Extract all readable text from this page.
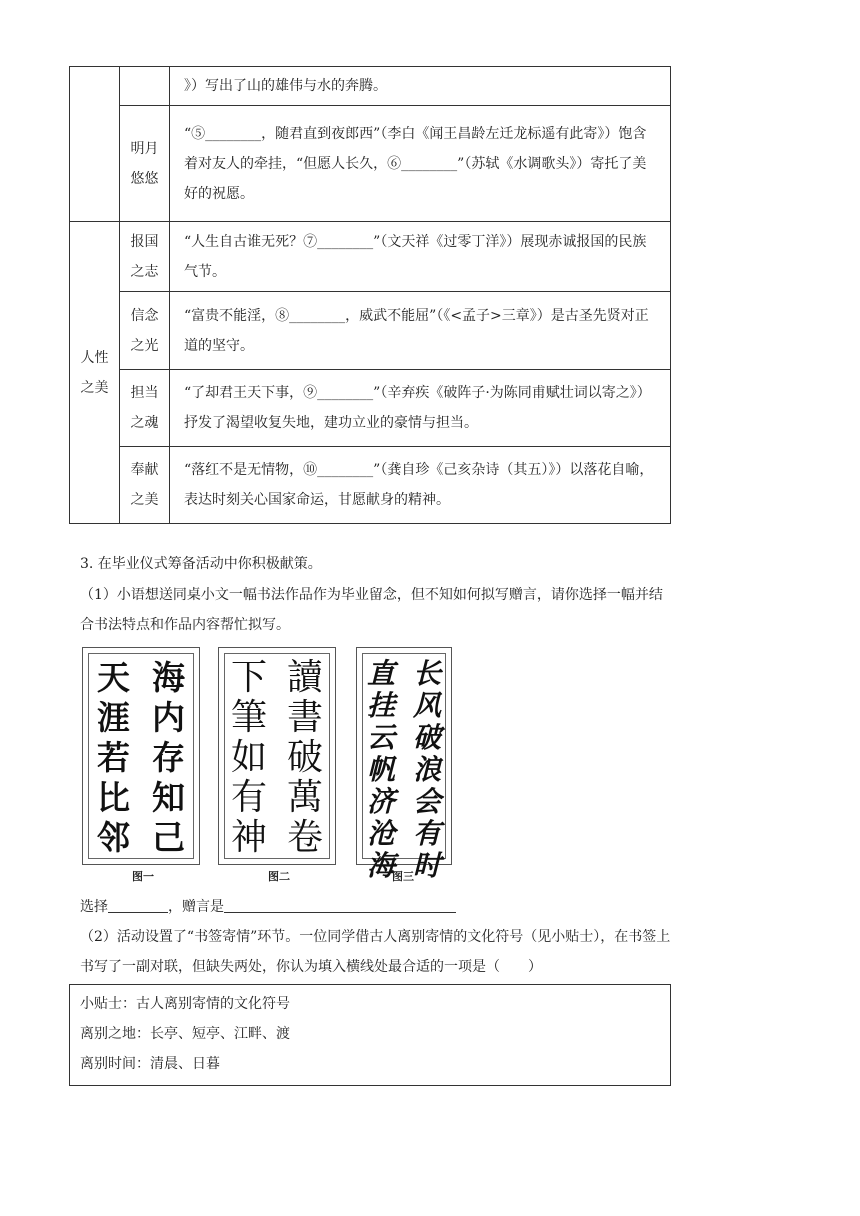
		》）写出了山的雄伟与水的奔腾。

	明月悠悠	“⑤________，随君直到夜郎西”（李白《闻王昌龄左迁龙标遥有此寄》）饱含着对友人的牵挂，“但愿人长久，⑥________”（苏轼《水调歌头》）寄托了美好的祝愿。

人性之美	报国之志	“人生自古谁无死？⑦________”（文天祥《过零丁洋》）展现赤诚报国的民族气节。

	信念之光	“富贵不能淫，⑧________，威武不能屈”（《<孟子>三章》）是古圣先贤对正道的坚守。

	担当之魂	“了却君王天下事，⑨________”（辛弃疾《破阵子·为陈同甫赋壮词以寄之》）抒发了渴望收复失地，建功立业的豪情与担当。

	奉献之美	“落红不是无情物，⑩________”（龚自珍《己亥杂诗（其五）》）以落花自喻，表达时刻关心国家命运，甘愿献身的精神。
3. 在毕业仪式筹备活动中你积极献策。
（1）小语想送同桌小文一幅书法作品作为毕业留念，但不知如何拟写赠言，请你选择一幅并结合书法特点和作品内容帮忙拟写。
海
内
存
知
己
天
涯
若
比
邻
图一
讀
書
破
萬
卷
下
筆
如
有
神
图二
长
风
破
浪
会
有
时
直
挂
云
帆
济
沧
海
图三
选择	，赠言是
（2）活动设置了“书签寄情”环节。一位同学借古人离别寄情的文化符号（见小贴士），在书签上书写了一副对联，但缺失两处，你认为填入横线处最合适的一项是（　　）
小贴士：古人离别寄情的文化符号
离别之地：长亭、短亭、江畔、渡
离别时间：清晨、日暮
